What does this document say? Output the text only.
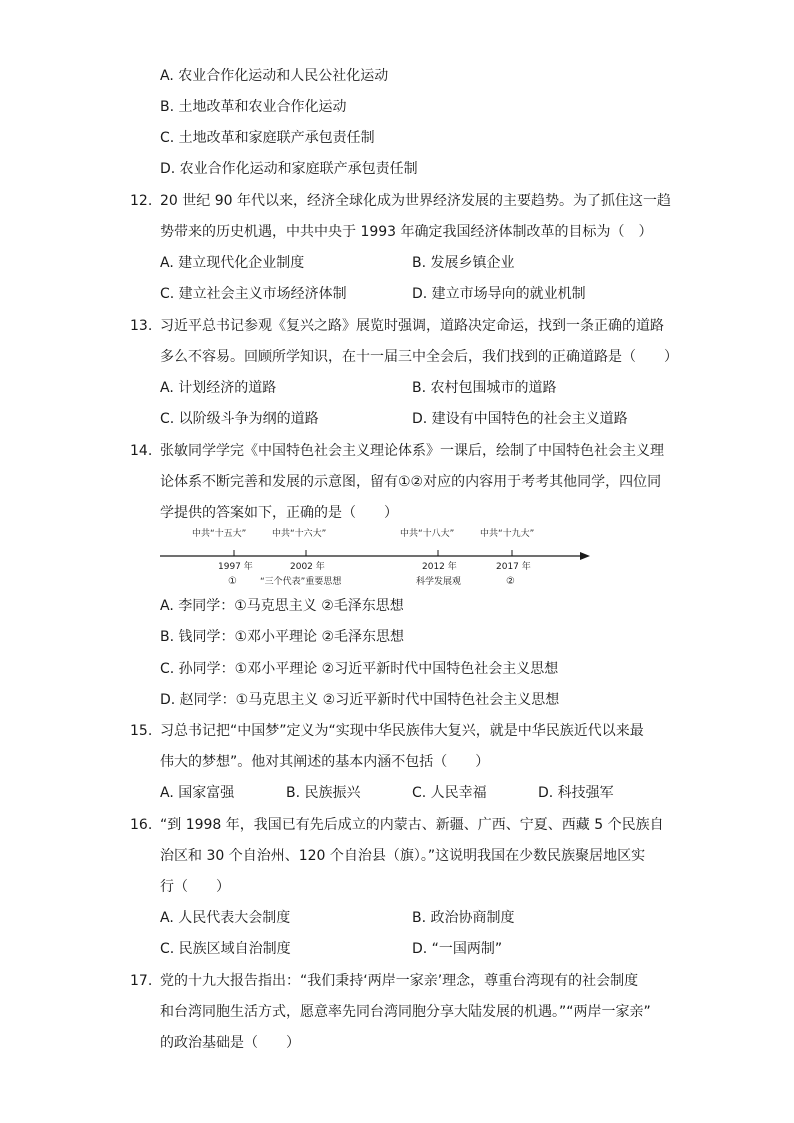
A. 农业合作化运动和人民公社化运动
B. 土地改革和农业合作化运动
C. 土地改革和家庭联产承包责任制
D. 农业合作化运动和家庭联产承包责任制
12. 20 世纪 90 年代以来，经济全球化成为世界经济发展的主要趋势。为了抓住这一趋
势带来的历史机遇，中共中央于 1993 年确定我国经济体制改革的目标为（　）
A. 建立现代化企业制度	B. 发展乡镇企业
C. 建立社会主义市场经济体制	D. 建立市场导向的就业机制
13. 习近平总书记参观《复兴之路》展览时强调，道路决定命运，找到一条正确的道路
多么不容易。回顾所学知识，在十一届三中全会后，我们找到的正确道路是（　　）
A. 计划经济的道路	B. 农村包围城市的道路
C. 以阶级斗争为纲的道路	D. 建设有中国特色的社会主义道路
14. 张敏同学学完《中国特色社会主义理论体系》一课后，绘制了中国特色社会主义理
论体系不断完善和发展的示意图，留有①②对应的内容用于考考其他同学，四位同
学提供的答案如下，正确的是（　　）
中共“十五大”	中共“十六大”	中共“十八大”	中共“十九大”
1997 年	2002 年	2012 年	2017 年
①	“三个代表”重要思想	科学发展观	②
A. 李同学：①马克思主义 ②毛泽东思想
B. 钱同学：①邓小平理论 ②毛泽东思想
C. 孙同学：①邓小平理论 ②习近平新时代中国特色社会主义思想
D. 赵同学：①马克思主义 ②习近平新时代中国特色社会主义思想
15. 习总书记把“中国梦”定义为“实现中华民族伟大复兴，就是中华民族近代以来最
伟大的梦想”。他对其阐述的基本内涵不包括（　　）
A. 国家富强	B. 民族振兴	C. 人民幸福	D. 科技强军
16. “到 1998 年，我国已有先后成立的内蒙古、新疆、广西、宁夏、西藏 5 个民族自
治区和 30 个自治州、120 个自治县（旗）。”这说明我国在少数民族聚居地区实
行（　　）
A. 人民代表大会制度	B. 政治协商制度
C. 民族区域自治制度	D. “一国两制”
17. 党的十九大报告指出：“我们秉持‘两岸一家亲’理念，尊重台湾现有的社会制度
和台湾同胞生活方式，愿意率先同台湾同胞分享大陆发展的机遇。”“两岸一家亲”
的政治基础是（　　）
